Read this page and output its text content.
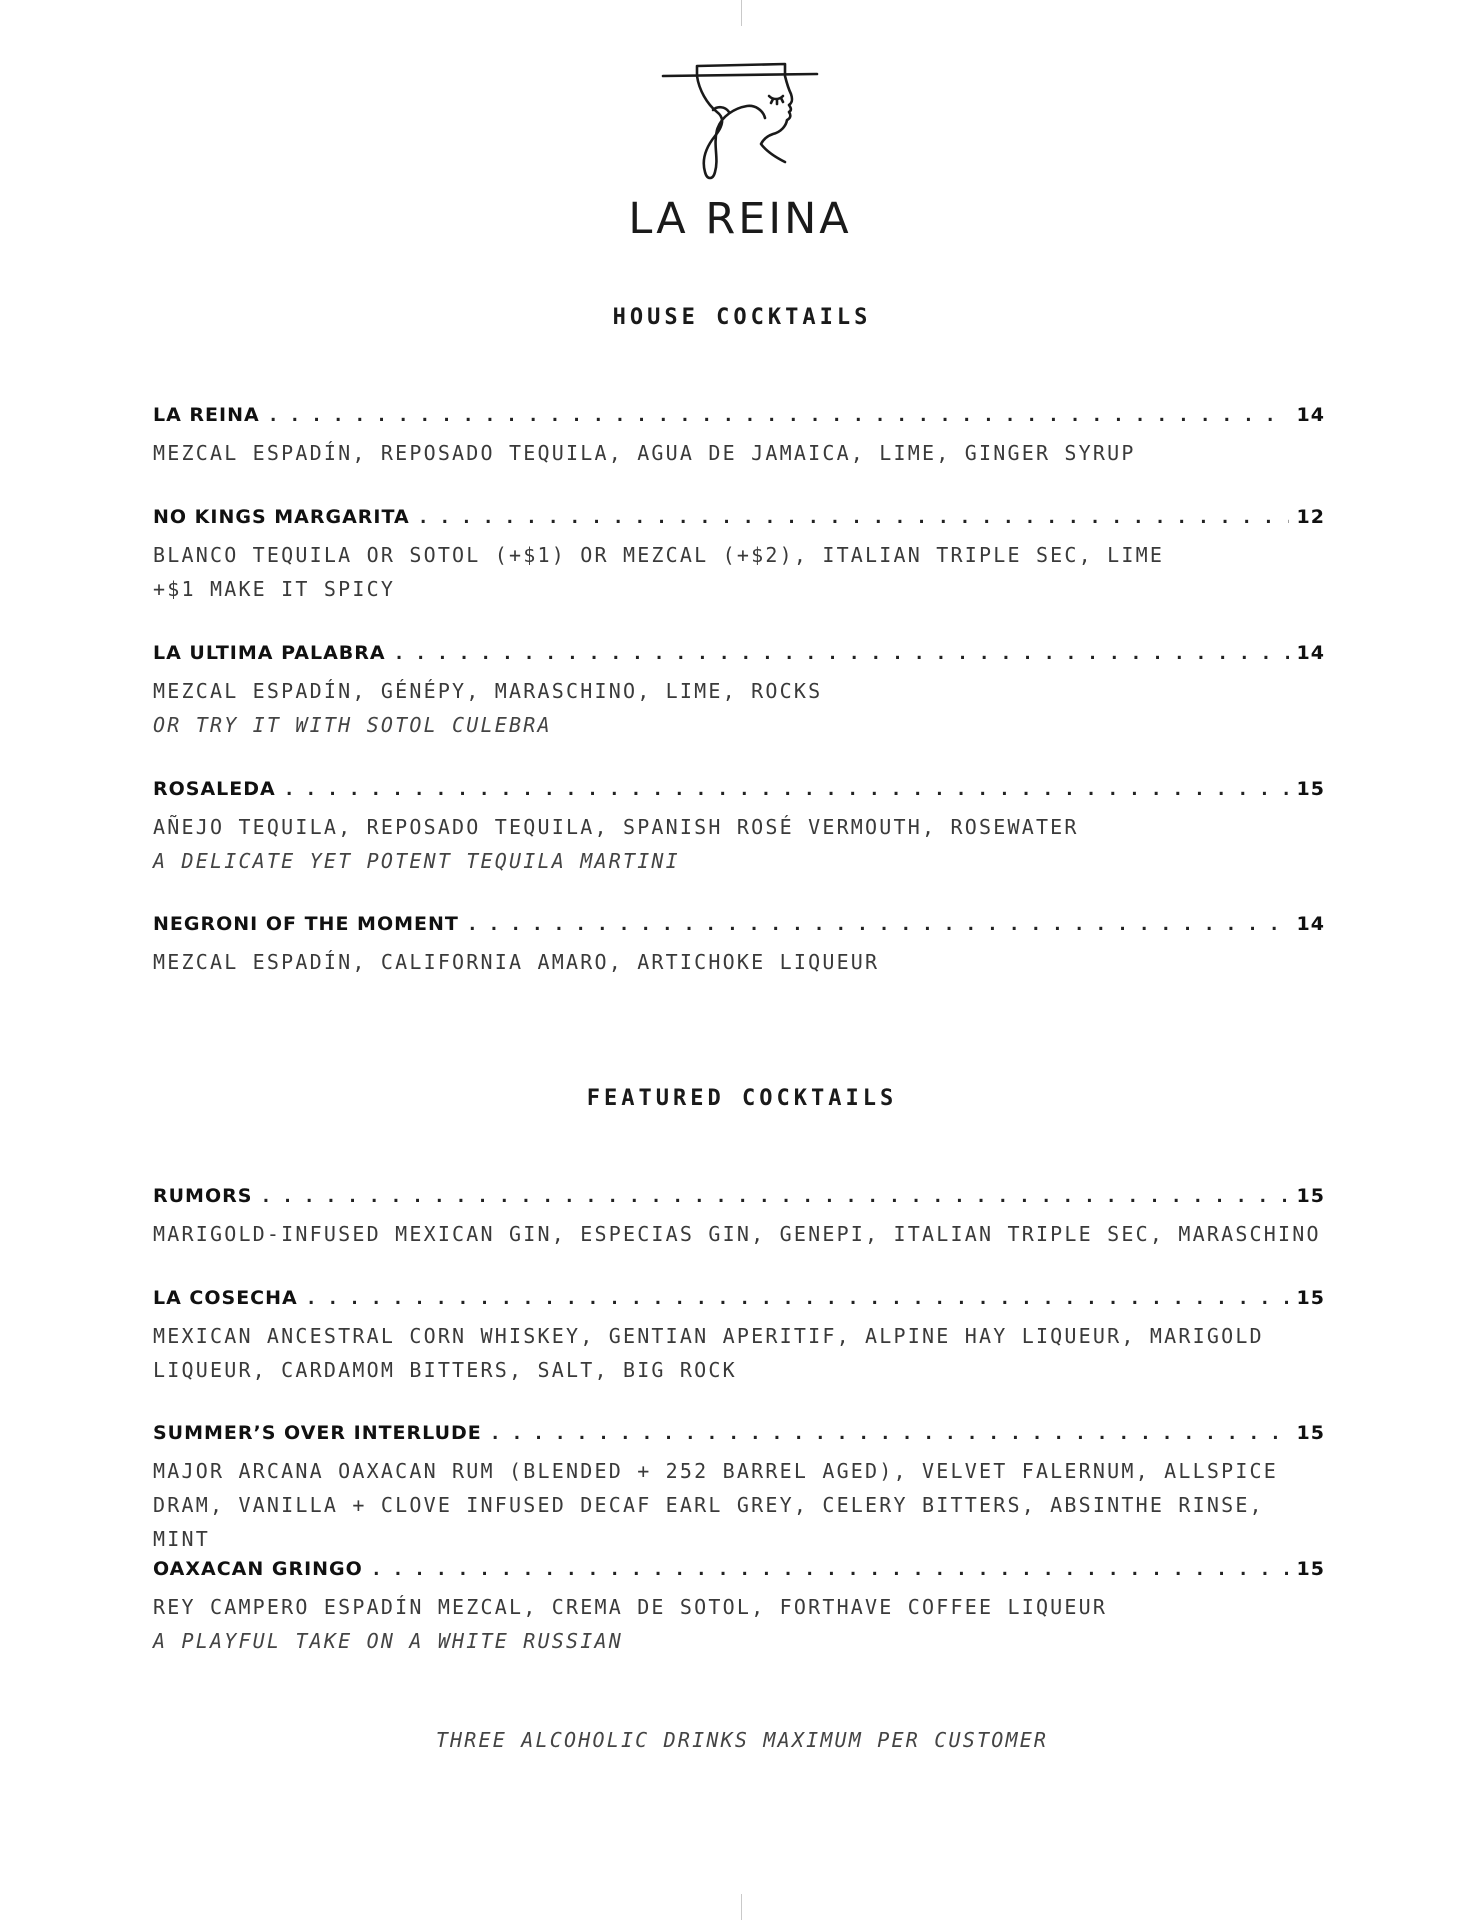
LA REINA
HOUSE COCKTAILS
LA REINA . . .	14
MEZCAL ESPADÍN, REPOSADO TEQUILA, AGUA DE JAMAICA, LIME, GINGER SYRUP
NO KINGS MARGARITA . . .	12
BLANCO TEQUILA OR SOTOL (+$1) OR MEZCAL (+$2), ITALIAN TRIPLE SEC, LIME
+$1 MAKE IT SPICY
LA ULTIMA PALABRA . . .	14
MEZCAL ESPADÍN, GÉNÉPY, MARASCHINO, LIME, ROCKS
OR TRY IT WITH SOTOL CULEBRA
ROSALEDA . . .	15
AÑEJO TEQUILA, REPOSADO TEQUILA, SPANISH ROSÉ VERMOUTH, ROSEWATER
A DELICATE YET POTENT TEQUILA MARTINI
NEGRONI OF THE MOMENT . . .	14
MEZCAL ESPADÍN, CALIFORNIA AMARO, ARTICHOKE LIQUEUR
FEATURED COCKTAILS
RUMORS . . .	15
MARIGOLD-INFUSED MEXICAN GIN, ESPECIAS GIN, GENEPI, ITALIAN TRIPLE SEC, MARASCHINO
LA COSECHA . . .	15
MEXICAN ANCESTRAL CORN WHISKEY, GENTIAN APERITIF, ALPINE HAY LIQUEUR, MARIGOLD
LIQUEUR, CARDAMOM BITTERS, SALT, BIG ROCK
SUMMER’S OVER INTERLUDE . . .	15
MAJOR ARCANA OAXACAN RUM (BLENDED + 252 BARREL AGED), VELVET FALERNUM, ALLSPICE
DRAM, VANILLA + CLOVE INFUSED DECAF EARL GREY, CELERY BITTERS, ABSINTHE RINSE, MINT
OAXACAN GRINGO . . .	15
REY CAMPERO ESPADÍN MEZCAL, CREMA DE SOTOL, FORTHAVE COFFEE LIQUEUR
A PLAYFUL TAKE ON A WHITE RUSSIAN
THREE ALCOHOLIC DRINKS MAXIMUM PER CUSTOMER
